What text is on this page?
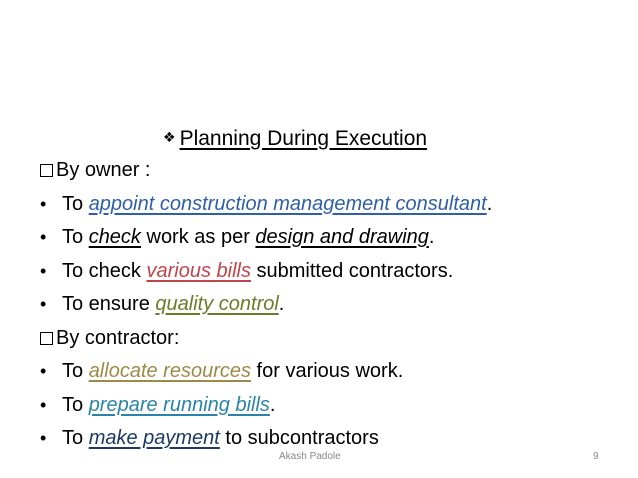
❖ Planning During Execution
By owner :
• To appoint construction management consultant.
• To check work as per design and drawing.
• To check various bills submitted contractors.
• To ensure quality control.
By contractor:
• To allocate resources for various work.
• To prepare running bills.
• To make payment to subcontractors
Akash Padole	9
